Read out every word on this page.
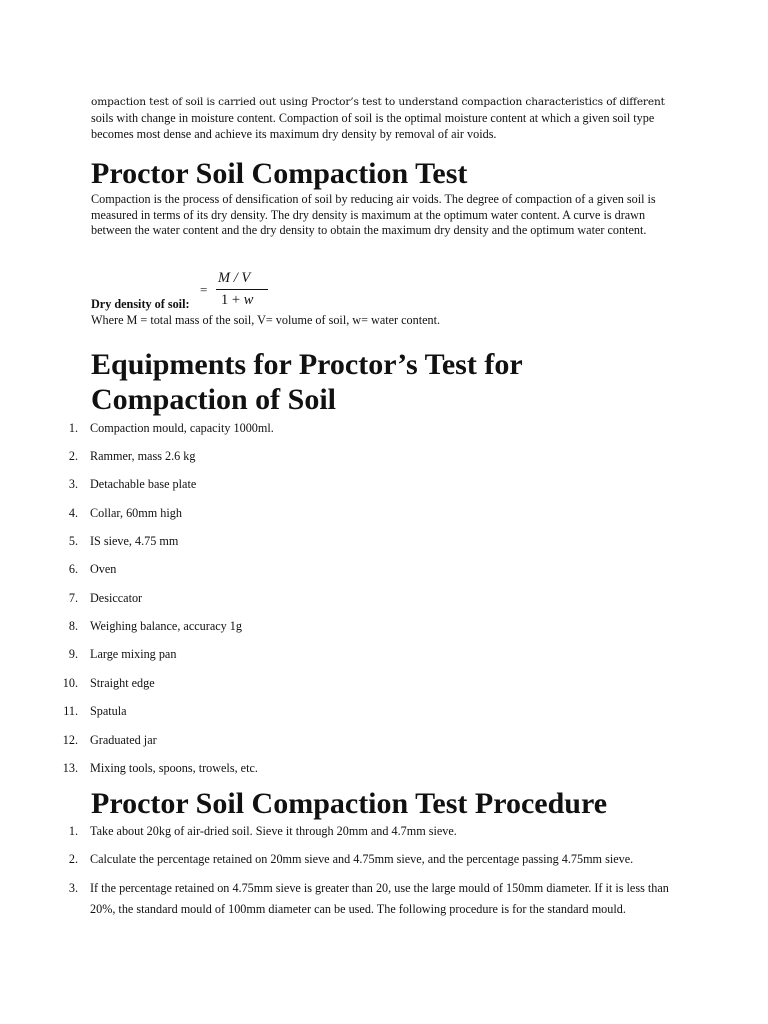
ompaction test of soil is carried out using Proctor’s test to understand compaction characteristics of different
soils with change in moisture content. Compaction of soil is the optimal moisture content at which a given soil type becomes most dense and achieve its maximum dry density by removal of air voids.
Proctor Soil Compaction Test
Compaction is the process of densification of soil by reducing air voids. The degree of compaction of a given soil is measured in terms of its dry density. The dry density is maximum at the optimum water content. A curve is drawn between the water content and the dry density to obtain the maximum dry density and the optimum water content.
=
M / V
1 + w
Dry density of soil:
Where M = total mass of the soil, V= volume of soil, w= water content.
Equipments for Proctor’s Test for Compaction of Soil
1. Compaction mould, capacity 1000ml.
2. Rammer, mass 2.6 kg
3. Detachable base plate
4. Collar, 60mm high
5. IS sieve, 4.75 mm
6. Oven
7. Desiccator
8. Weighing balance, accuracy 1g
9. Large mixing pan
10. Straight edge
11. Spatula
12. Graduated jar
13. Mixing tools, spoons, trowels, etc.
Proctor Soil Compaction Test Procedure
1. Take about 20kg of air-dried soil. Sieve it through 20mm and 4.7mm sieve.
2. Calculate the percentage retained on 20mm sieve and 4.75mm sieve, and the percentage passing 4.75mm sieve.
3. If the percentage retained on 4.75mm sieve is greater than 20, use the large mould of 150mm diameter. If it is less than 20%, the standard mould of 100mm diameter can be used. The following procedure is for the standard mould.
